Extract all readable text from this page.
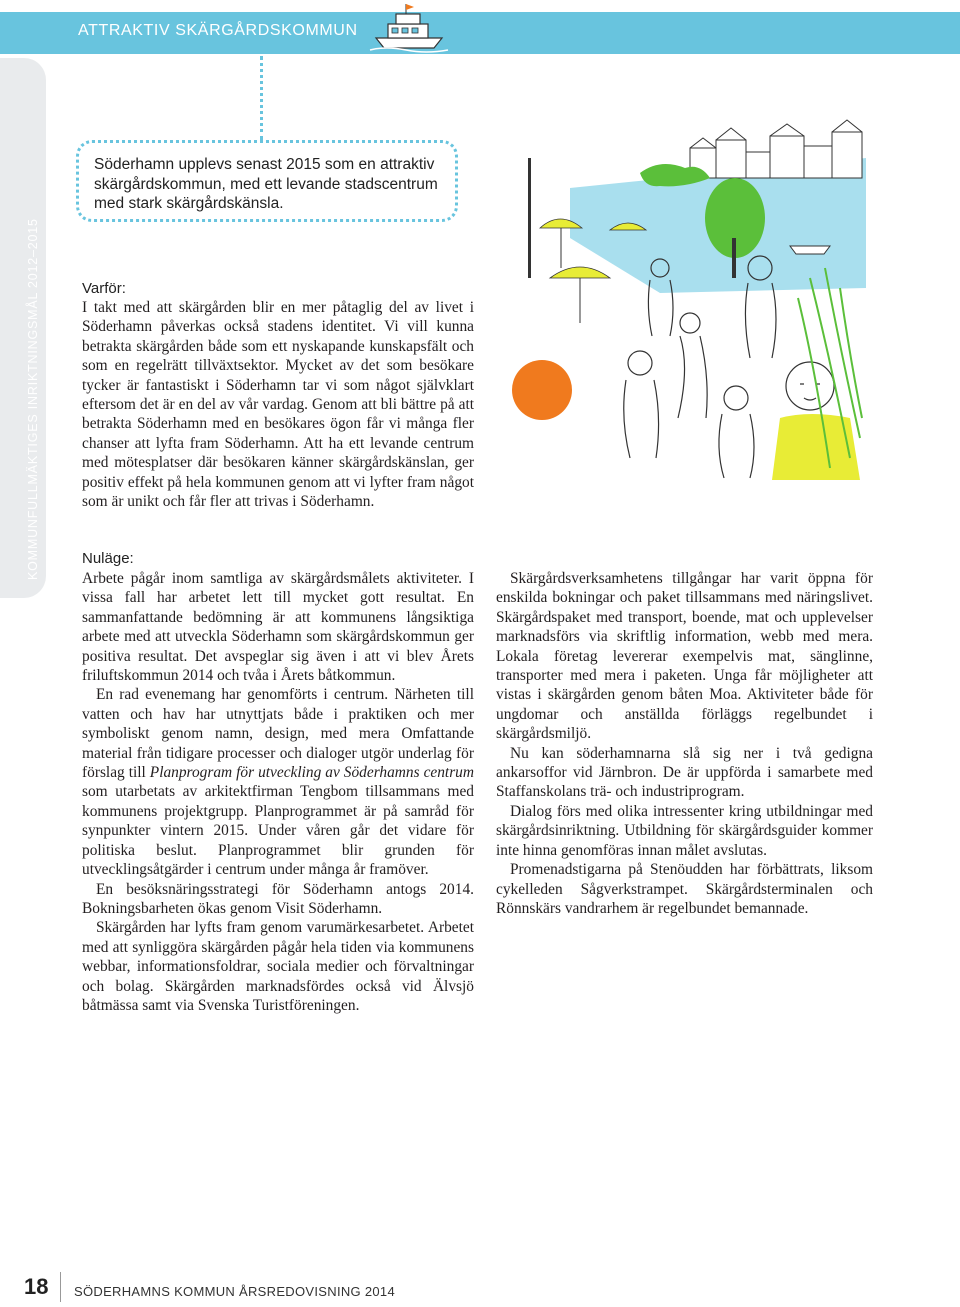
ATTRAKTIV SKÄRGÅRDSKOMMUN
KOMMUNFULLMÄKTIGES INRIKTNINGSMÅL 2012–2015
Söderhamn upplevs senast 2015 som en attraktiv skärgårdskommun, med ett levande stadscentrum med stark skärgårdskänsla.
Varför:

I takt med att skärgården blir en mer påtaglig del av livet i Söderhamn påverkas också stadens identitet. Vi vill kunna betrakta skärgården både som ett nyskapande kunskapsfält och som en regelrätt tillväxtsektor. Mycket av det som besökare tycker är fantastiskt i Söderhamn tar vi som något självklart eftersom det är en del av vår vardag. Genom att bli bättre på att betrakta Söderhamn med en besökares ögon får vi många fler chanser att lyfta fram Söderhamn. Att ha ett levande centrum med mötesplatser där besökaren känner skärgårdskänslan, ger positiv effekt på hela kommunen genom att vi lyfter fram något som är unikt och får fler att trivas i Söderhamn.

Nuläge:

Arbete pågår inom samtliga av skärgårdsmålets aktiviteter. I vissa fall har arbetet lett till mycket gott resultat. En sammanfattande bedömning är att kommunens långsiktiga arbete med att utveckla Söderhamn som skärgårdskommun ger positiva resultat. Det avspeglar sig även i att vi blev Årets friluftskommun 2014 och tvåa i Årets båtkommun.

En rad evenemang har genomförts i centrum. Närheten till vatten och hav har utnyttjats både i praktiken och mer symboliskt genom namn, design, med mera Omfattande material från tidigare processer och dialoger utgör underlag för förslag till Planprogram för utveckling av Söderhamns centrum som utarbetats av arkitektfirman Tengbom tillsammans med kommunens projektgrupp. Planprogrammet är på samråd för synpunkter vintern 2015. Under våren går det vidare för politiska beslut. Planprogrammet blir grunden för utvecklingsåtgärder i centrum under många år framöver.

En besöksnäringsstrategi för Söderhamn antogs 2014. Bokningsbarheten ökas genom Visit Söderhamn.

Skärgården har lyfts fram genom varumärkesarbetet. Arbetet med att synliggöra skärgården pågår hela tiden via kommunens webbar, informationsfoldrar, sociala medier och förvaltningar och bolag. Skärgården marknadsfördes också vid Älvsjö båtmässa samt via Svenska Turistföreningen.

Skärgårdsverksamhetens tillgångar har varit öppna för enskilda bokningar och paket tillsammans med näringslivet. Skärgårdspaket med transport, boende, mat och upplevelser marknadsförs via skriftlig information, webb med mera. Lokala företag levererar exempelvis mat, sänglinne, transporter med mera i paketen. Unga får möjligheter att vistas i skärgården genom båten Moa. Aktiviteter både för ungdomar och anställda förläggs regelbundet i skärgårdsmiljö.

Nu kan söderhamnarna slå sig ner i två gedigna ankarsoffor vid Järnbron. De är uppförda i samarbete med Staffanskolans trä- och industriprogram.

Dialog förs med olika intressenter kring utbildningar med skärgårdsinriktning. Utbildning för skärgårdsguider kommer inte hinna genomföras innan målet avslutas.

Promenadstigarna på Stenöudden har förbättrats, liksom cykelleden Sågverkstrampet. Skärgårdsterminalen och Rönnskärs vandrarhem är regelbundet bemannade.

18 SÖDERHAMNS KOMMUN ÅRSREDOVISNING 2014
